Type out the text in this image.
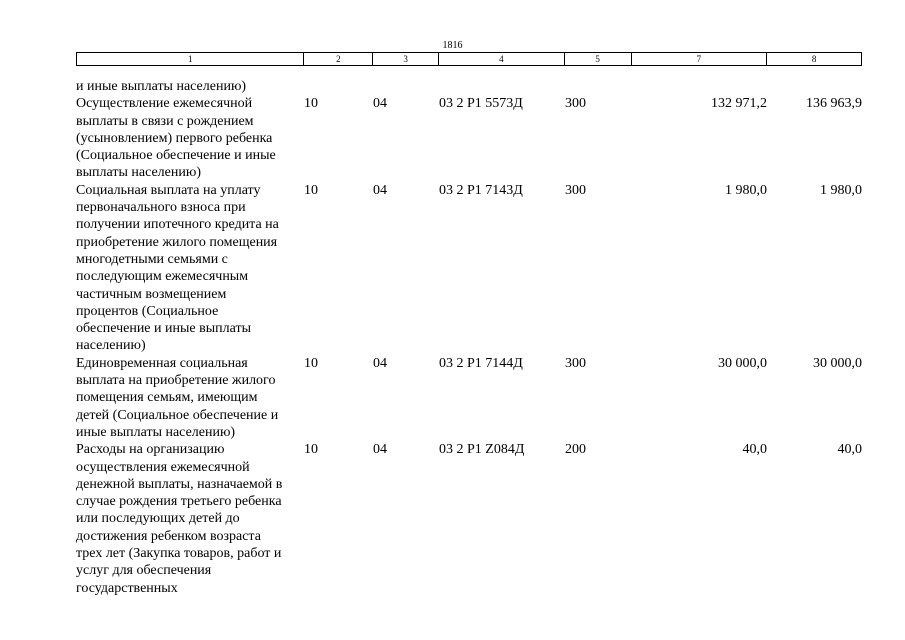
1816
1	2	3	4	5	7	8
и иные выплаты населению)
Осуществление ежемесячной
выплаты в связи с рождением
(усыновлением) первого ребенка
(Социальное обеспечение и иные
выплаты населению)
10	04	03 2 P1 5573Д	300	132 971,2	136 963,9
Социальная выплата на уплату
первоначального взноса при
получении ипотечного кредита на
приобретение жилого помещения
многодетными семьями с
последующим ежемесячным
частичным возмещением
процентов (Социальное
обеспечение и иные выплаты
населению)
10	04	03 2 P1 7143Д	300	1 980,0	1 980,0
Единовременная социальная
выплата на приобретение жилого
помещения семьям, имеющим
детей (Социальное обеспечение и
иные выплаты населению)
10	04	03 2 P1 7144Д	300	30 000,0	30 000,0
Расходы на организацию
осуществления ежемесячной
денежной выплаты, назначаемой в
случае рождения третьего ребенка
или последующих детей до
достижения ребенком возраста
трех лет (Закупка товаров, работ и
услуг для обеспечения
государственных
10	04	03 2 P1 Z084Д	200	40,0	40,0
